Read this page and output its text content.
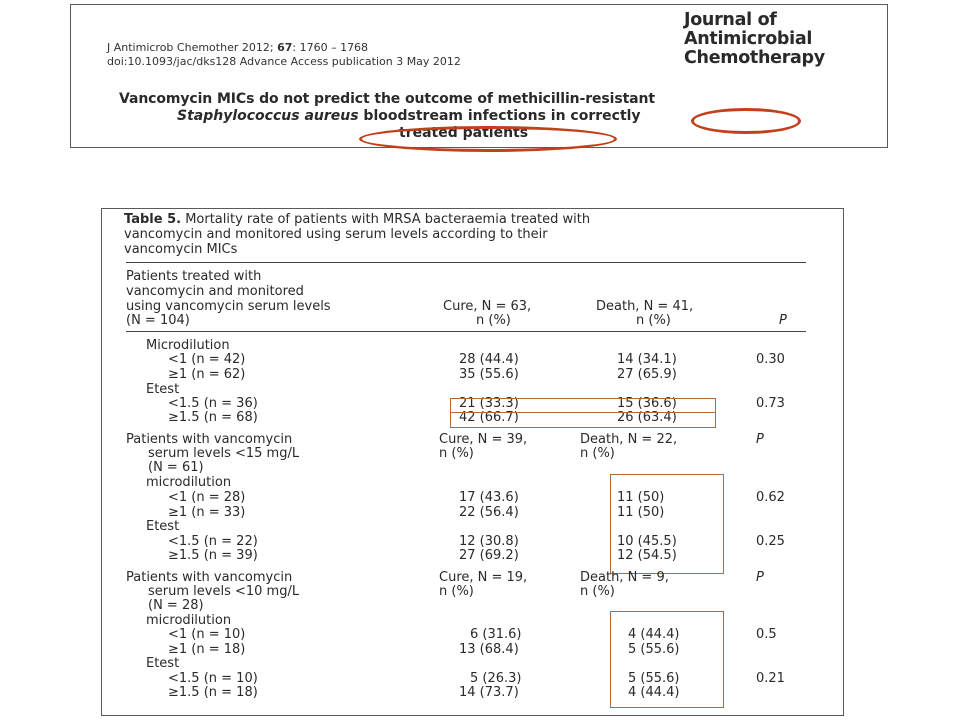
J Antimicrob Chemother 2012; 67: 1760 – 1768
doi:10.1093/jac/dks128 Advance Access publication 3 May 2012
Journal of
Antimicrobial
Chemotherapy
Vancomycin MICs do not predict the outcome of methicillin-resistant
Staphylococcus aureus bloodstream infections in correctly
treated patients
Table 5. Mortality rate of patients with MRSA bacteraemia treated with
vancomycin and monitored using serum levels according to their
vancomycin MICs
Patients treated with
vancomycin and monitored
using vancomycin serum levels
(N = 104)
Cure, N = 63,
n (%)
Death, N = 41,
n (%)	P
Microdilution
<1 (n = 42)	28 (44.4)	14 (34.1)	0.30
≥1 (n = 62)	35 (55.6)	27 (65.9)
Etest
<1.5 (n = 36)	21 (33.3)	15 (36.6)	0.73
≥1.5 (n = 68)	42 (66.7)	26 (63.4)
Patients with vancomycin
serum levels <15 mg/L
(N = 61)
Cure, N = 39,
n (%)
Death, N = 22,
n (%)
P
microdilution
<1 (n = 28)	17 (43.6)	11 (50)	0.62
≥1 (n = 33)	22 (56.4)	11 (50)
Etest
<1.5 (n = 22)	12 (30.8)	10 (45.5)	0.25
≥1.5 (n = 39)	27 (69.2)	12 (54.5)
Patients with vancomycin
serum levels <10 mg/L
(N = 28)
Cure, N = 19,
n (%)
Death, N = 9,
n (%)
P
microdilution
<1 (n = 10)	6 (31.6)	4 (44.4)	0.5
≥1 (n = 18)	13 (68.4)	5 (55.6)
Etest
<1.5 (n = 10)	5 (26.3)	5 (55.6)	0.21
≥1.5 (n = 18)	14 (73.7)	4 (44.4)
